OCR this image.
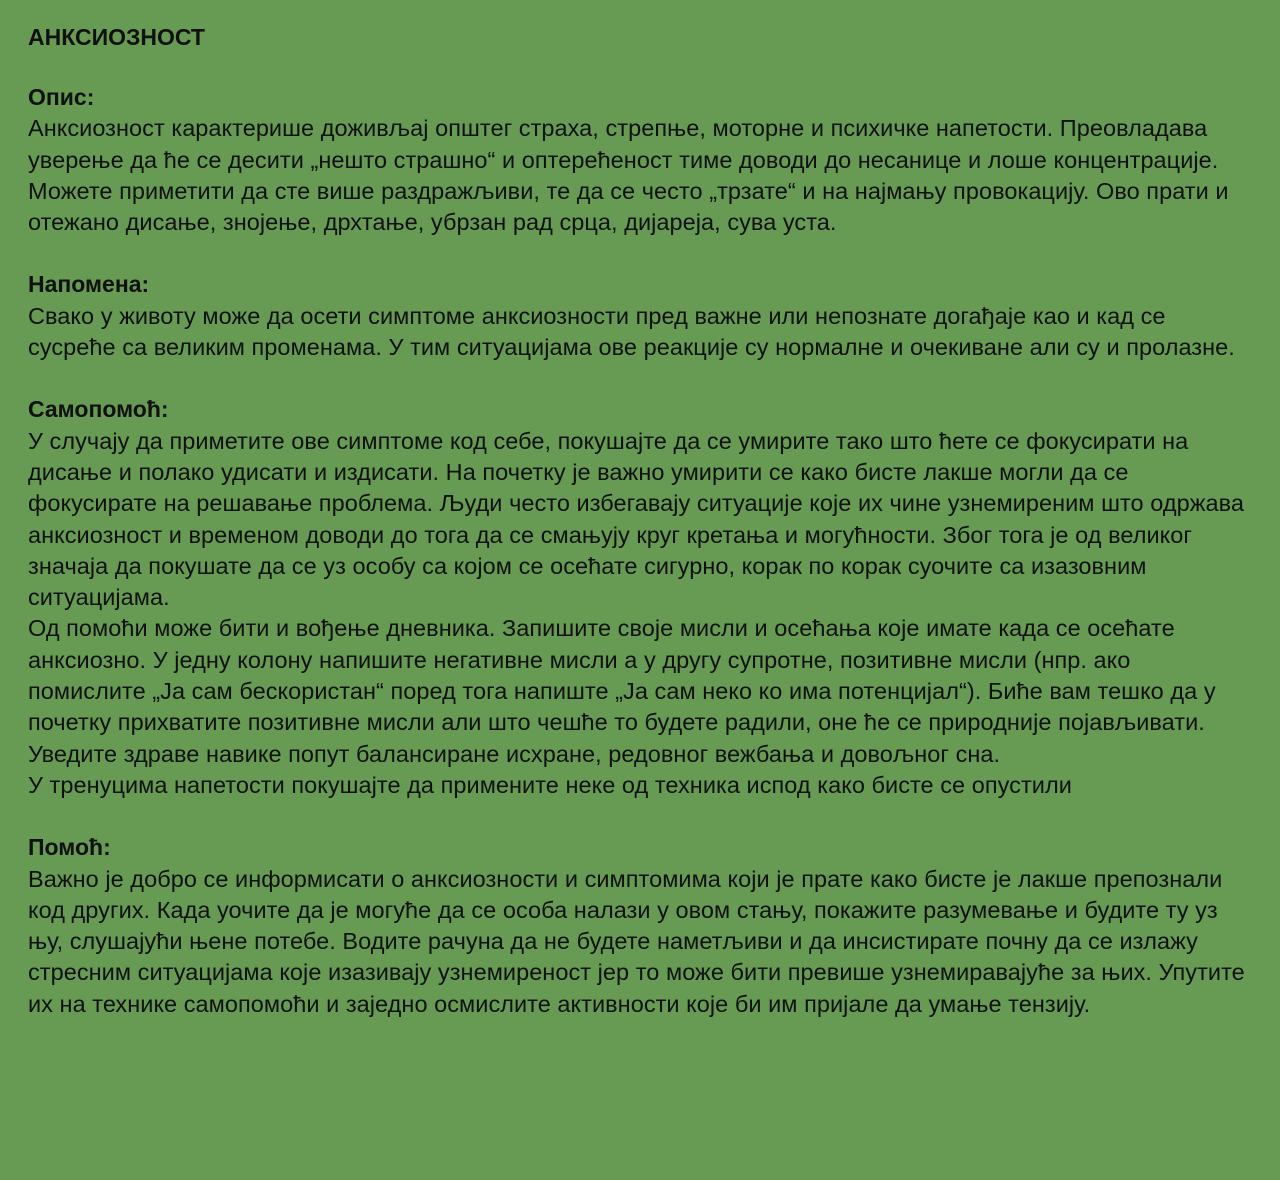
АНКСИОЗНОСТ
Опис:

Анксиозност карактерише доживљај општег страха, стрепње, моторне и психичке напетости. Преовладава уверење да ће се десити „нешто страшно“ и оптерећеност тиме доводи до несанице и лоше концентрације. Можете приметити да сте више раздражљиви, те да се често „трзате“ и на најмању провокацију. Ово прати и отежано дисање, знојење, дрхтање, убрзан рад срца, дијареја, сува уста.

Напомена:

Свако у животу може да осети симптоме анксиозности пред важне или непознате догађаје као и кад се сусреће са великим променама. У тим ситуацијама ове реакције су нормалне и очекиване али су и пролазне.

Самопомоћ:

У случају да приметите ове симптоме код себе, покушајте да се умирите тако што ћете се фокусирати на дисање и полако удисати и издисати. На почетку је важно умирити се како бисте лакше могли да се фокусирате на решавање проблема. Људи често избегавају ситуације које их чине узнемиреним што одржава анксиозност и временом доводи до тога да се смањују круг кретања и могућности. Због тога је од великог значаја да покушате да се уз особу са којом се осећате сигурно, корак по корак суочите са изазовним ситуацијама.

Од помоћи може бити и вођење дневника. Запишите своје мисли и осећања које имате када се осећате анксиозно. У једну колону напишите негативне мисли а у другу супротне, позитивне мисли (нпр. ако помислите „Ја сам бескористан“ поред тога напиште „Ја сам неко ко има потенцијал“). Биће вам тешко да у почетку прихватите позитивне мисли али што чешће то будете радили, оне ће се природније појављивати.

Уведите здраве навике попут балансиране исхране, редовног вежбања и довољног сна.

У тренуцима напетости покушајте да примените неке од техника испод како бисте се опустили

Помоћ:

Важно је добро се информисати о анксиозности и симптомима који је прате како бисте је лакше препознали код других. Када уочите да је могуће да се особа налази у овом стању, покажите разумевање и будите ту уз њу, слушајући њене потебе. Водите рачуна да не будете наметљиви и да инсистирате почну да се излажу стресним ситуацијама које изазивају узнемиреност јер то може бити превише узнемиравајуће за њих. Упутите их на технике самопомоћи и заједно осмислите активности које би им пријале да умање тензију.
